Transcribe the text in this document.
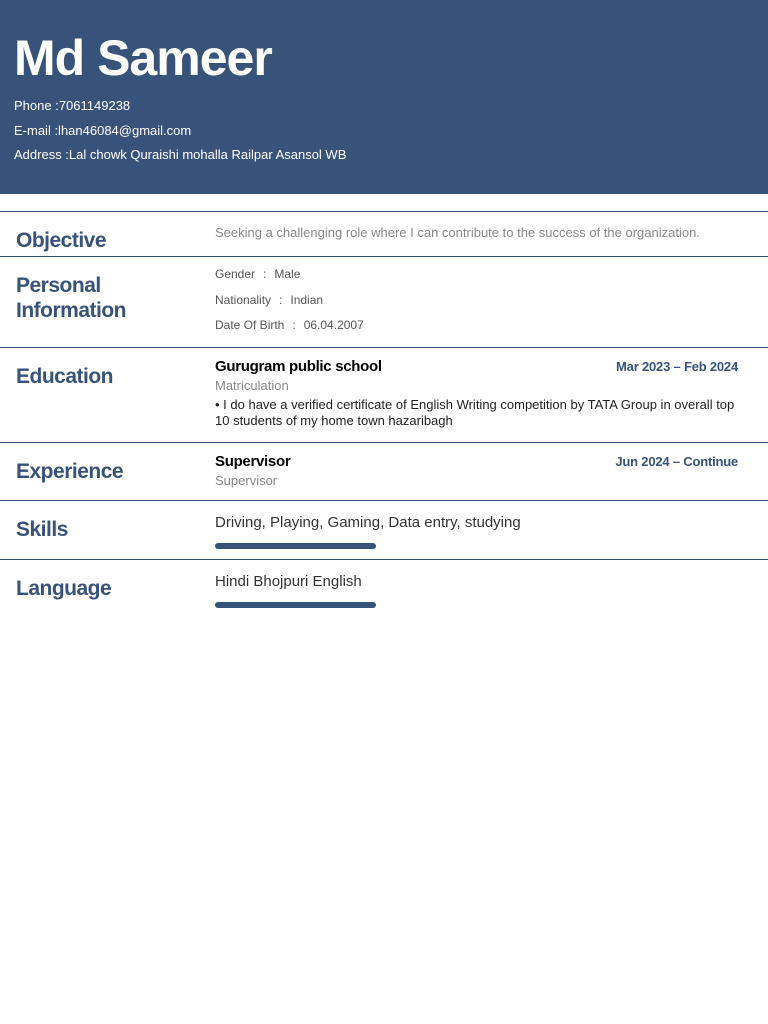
Md Sameer
Phone :7061149238
E-mail :lhan46084@gmail.com
Address :Lal chowk Quraishi mohalla Railpar Asansol WB
Objective	Seeking a challenging role where I can contribute to the success of the organization.
Personal
Information
Gender : Male
Nationality : Indian
Date Of Birth : 06.04.2007
Education	Gurugram public school	Mar 2023 – Feb 2024
Matriculation
• I do have a verified certificate of English Writing competition by TATA Group in overall top 10 students of my home town hazaribagh
Experience	Supervisor	Jun 2024 – Continue
Supervisor
Skills	Driving, Playing, Gaming, Data entry, studying
Language	Hindi Bhojpuri English
